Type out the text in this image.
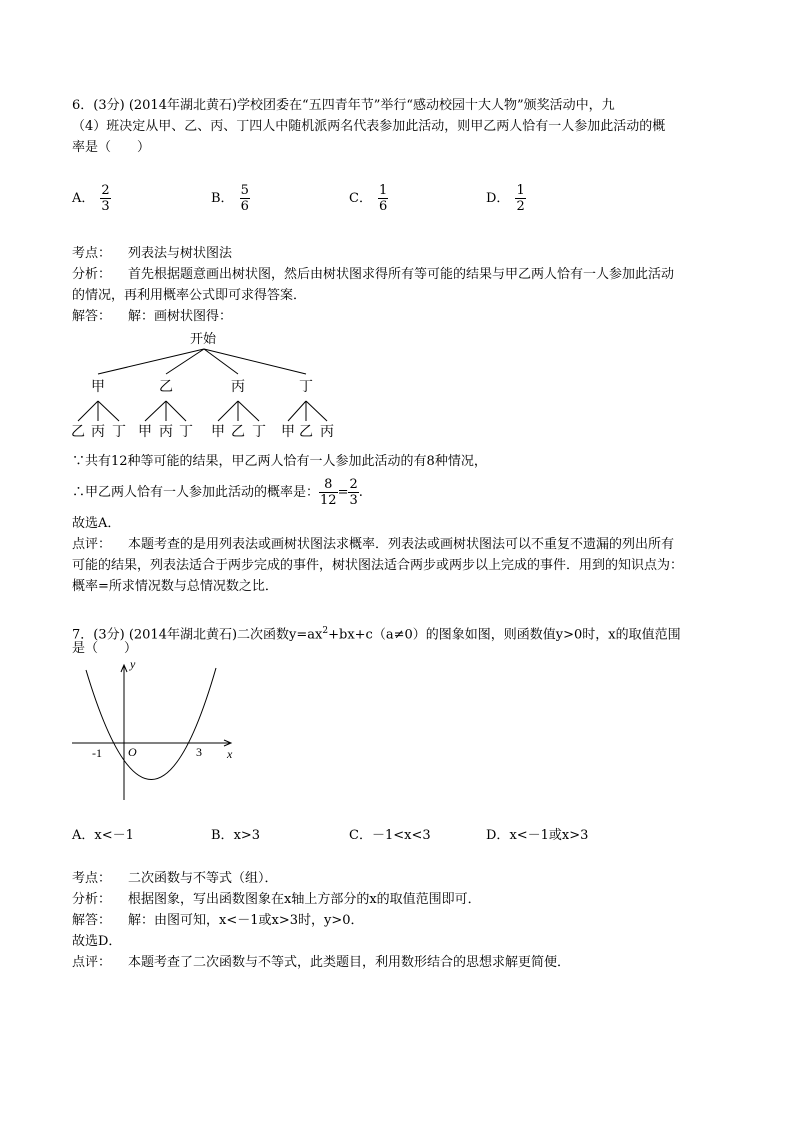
6．(3分) (2014年湖北黄石)学校团委在“五四青年节”举行“感动校园十大人物”颁奖活动中，九
（4）班决定从甲、乙、丙、丁四人中随机派两名代表参加此活动，则甲乙两人恰有一人参加此活动的概
率是（　　）
A． $\frac{2}{3}$	B． $\frac{5}{6}$	C． $\frac{1}{6}$	D． $\frac{1}{2}$
考点： 列表法与树状图法
分析： 首先根据题意画出树状图，然后由树状图求得所有等可能的结果与甲乙两人恰有一人参加此活动
的情况，再利用概率公式即可求得答案．
解答： 解：画树状图得：
开始
甲	乙	丙	丁
乙 丙 丁 甲 丙 丁 甲 乙 丁 甲 乙 丙
∵共有12种等可能的结果，甲乙两人恰有一人参加此活动的有8种情况，
∴甲乙两人恰有一人参加此活动的概率是： $\frac{8}{12} = \frac{2}{3}$ .
故选A．
点评： 本题考查的是用列表法或画树状图法求概率．列表法或画树状图法可以不重复不遗漏的列出所有
可能的结果，列表法适合于两步完成的事件，树状图法适合两步或两步以上完成的事件．用到的知识点为：
概率=所求情况数与总情况数之比．
7．(3分) (2014年湖北黄石)二次函数$y=ax^2+bx+c(a\ne 0)$的图象如图，则函数值y>0时，x的取值范围
是（　　）
y
x
O
-1	3
A．x<－1	B．x>3	C．－1<x<3	D．x<－1或x>3
考点： 二次函数与不等式（组）．
分析： 根据图象，写出函数图象在x轴上方部分的x的取值范围即可．
解答： 解：由图可知，x<－1或x>3时，y>0．
故选D．
点评： 本题考查了二次函数与不等式，此类题目，利用数形结合的思想求解更简便．
